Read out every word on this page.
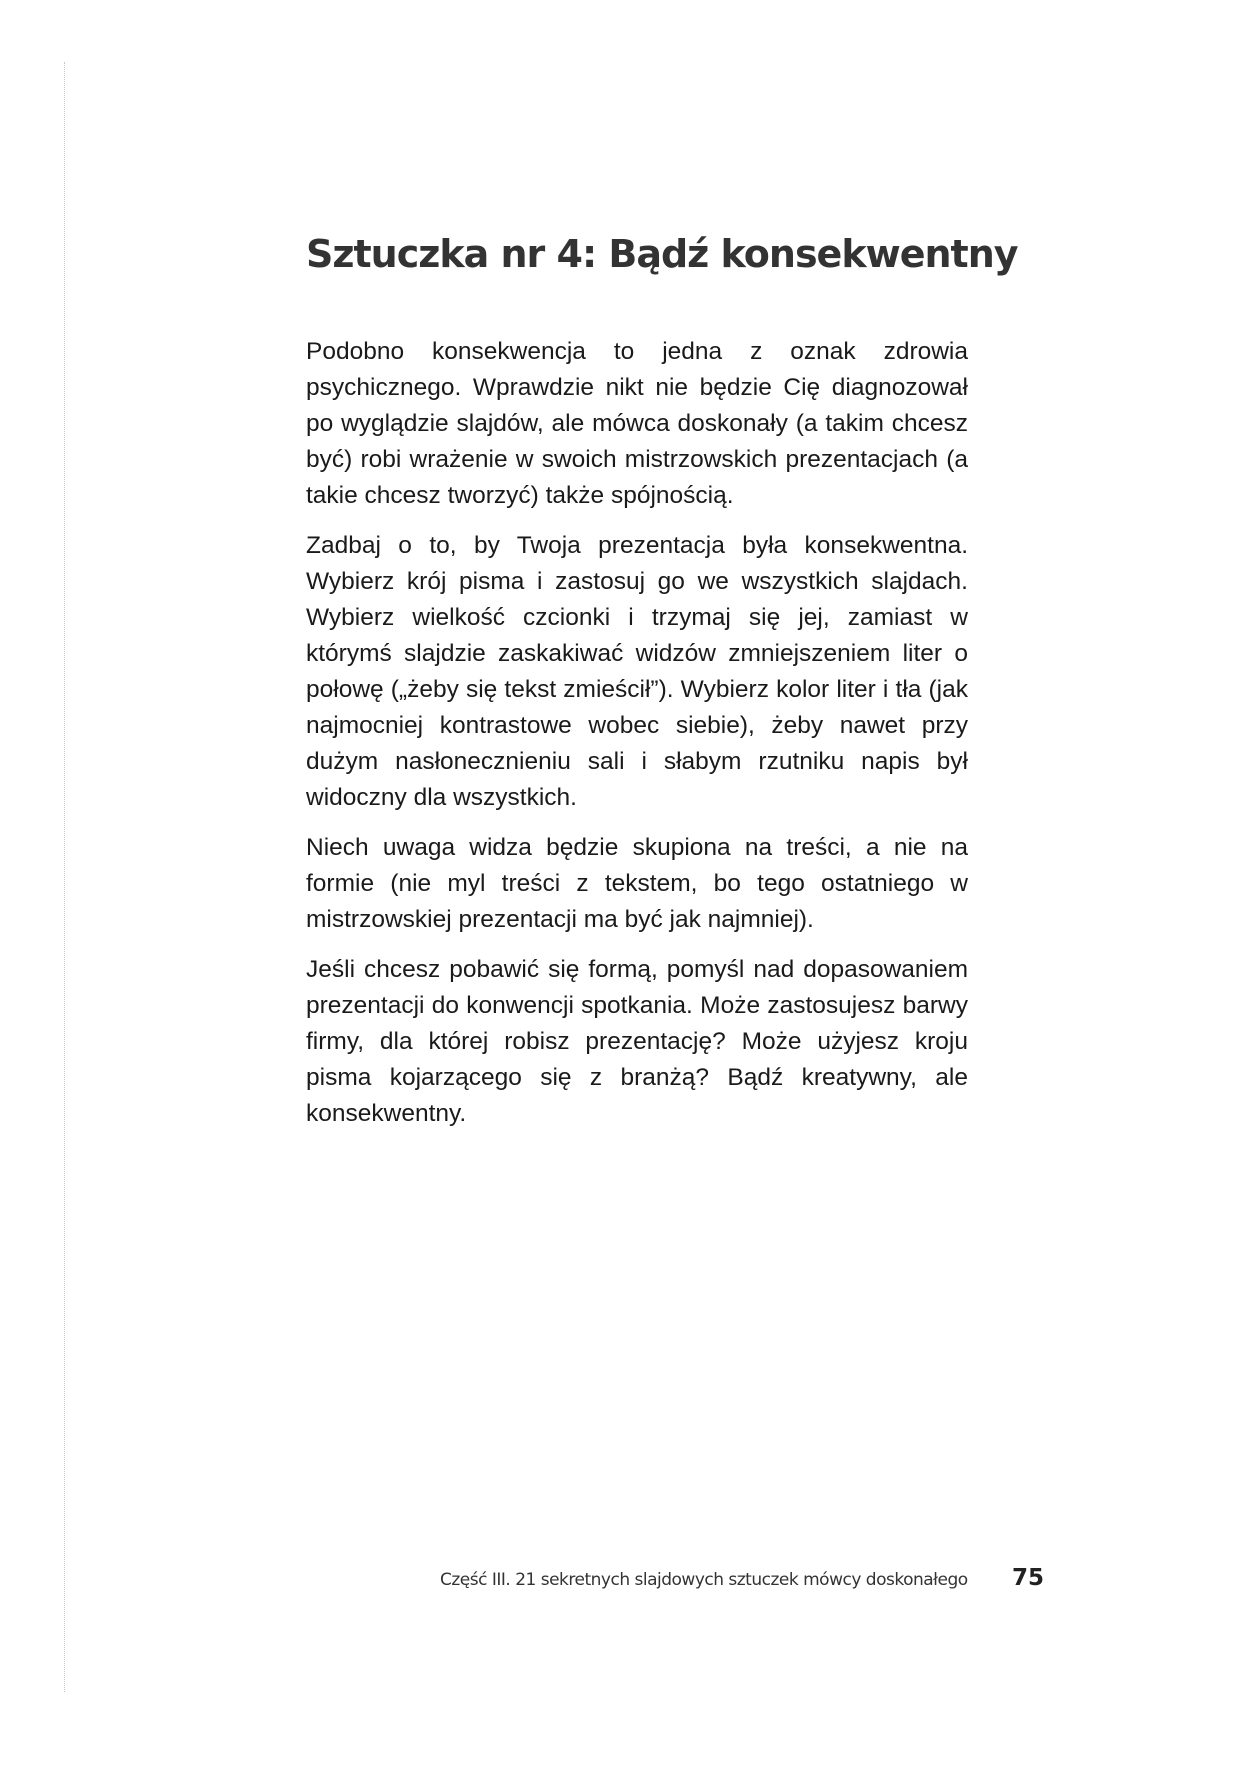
Sztuczka nr 4: Bądź konsekwentny

Podobno konsekwencja to jedna z oznak zdrowia psychicznego. Wprawdzie nikt nie będzie Cię diagnozował po wyglądzie slajdów, ale mówca doskonały (a takim chcesz być) robi wrażenie w swoich mistrzowskich prezentacjach (a takie chcesz tworzyć) także spójnością.

Zadbaj o to, by Twoja prezentacja była konsekwentna. Wybierz krój pisma i zastosuj go we wszystkich slajdach. Wybierz wielkość czcionki i trzymaj się jej, zamiast w którymś slajdzie zaskakiwać widzów zmniejszeniem liter o połowę („żeby się tekst zmieścił”). Wybierz kolor liter i tła (jak najmocniej kontrastowe wobec siebie), żeby nawet przy dużym nasłonecznieniu sali i słabym rzutniku napis był widoczny dla wszystkich.

Niech uwaga widza będzie skupiona na treści, a nie na formie (nie myl treści z tekstem, bo tego ostatniego w mistrzowskiej prezentacji ma być jak najmniej).

Jeśli chcesz pobawić się formą, pomyśl nad dopasowaniem prezentacji do konwencji spotkania. Może zastosujesz barwy firmy, dla której robisz prezentację? Może użyjesz kroju pisma kojarzącego się z branżą? Bądź kreatywny, ale konsekwentny.

Część III. 21 sekretnych slajdowych sztuczek mówcy doskonałego 75
